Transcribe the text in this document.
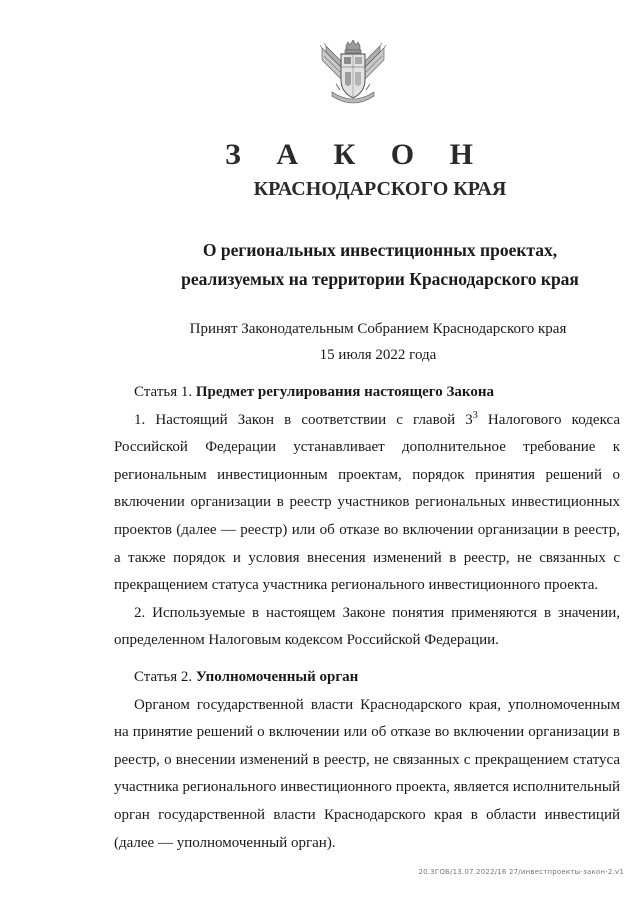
З А К О Н
КРАСНОДАРСКОГО КРАЯ
О региональных инвестиционных проектах,
реализуемых на территории Краснодарского края
Принят Законодательным Собранием Краснодарского края
15 июля 2022 года

Статья 1. Предмет регулирования настоящего Закона

1. Настоящий Закон в соответствии с главой $3^3$ Налогового кодекса Российской Федерации устанавливает дополнительное требование к региональным инвестиционным проектам, порядок принятия решений о включении организации в реестр участников региональных инвестиционных проектов (далее — реестр) или об отказе во включении организации в реестр, а также порядок и условия внесения изменений в реестр, не связанных с прекращением статуса участника регионального инвестиционного проекта.

2. Используемые в настоящем Законе понятия применяются в значении, определенном Налоговым кодексом Российской Федерации.

Статья 2. Уполномоченный орган

Органом государственной власти Краснодарского края, уполномоченным на принятие решений о включении или об отказе во включении организации в реестр, о внесении изменений в реестр, не связанных с прекращением статуса участника регионального инвестиционного проекта, является исполнительный орган государственной власти Краснодарского края в области инвестиций (далее — уполномоченный орган).

20.ЗГОБ/13.07.2022/16 27/инвестпроекты-закон-2.v1
